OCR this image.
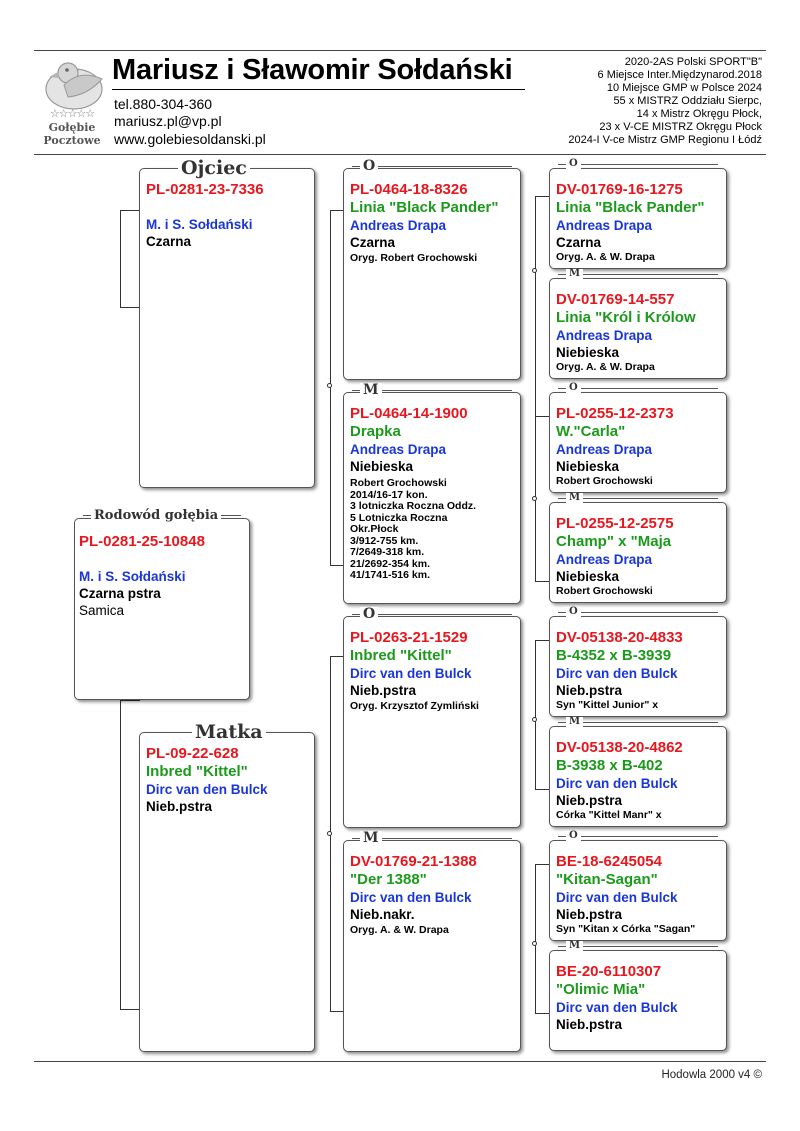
☆☆☆☆☆
Gołębie
Pocztowe
Mariusz i Sławomir Sołdański
tel.880-304-360
mariusz.pl@vp.pl
www.golebiesoldanski.pl
2020-2AS Polski SPORT"B"
6 Miejsce Inter.Międzynarod.2018
10 Miejsce GMP w Polsce 2024
55 x MISTRZ Oddziału Sierpc,
14 x Mistrz Okręgu Płock,
23 x V-CE MISTRZ Okręgu Płock
2024-I V-ce Mistrz GMP Regionu I Łódź
Rodowód gołębia
PL-0281-25-10848

M. i S. Sołdański
Czarna pstra
Samica
Ojciec
PL-0281-23-7336

M. i S. Sołdański
Czarna
Matka
PL-09-22-628
Inbred "Kittel"
Dirc van den Bulck
Nieb.pstra
O
PL-0464-18-8326
Linia "Black Pander"
Andreas Drapa
Czarna
Oryg. Robert Grochowski
M
PL-0464-14-1900
Drapka
Andreas Drapa
Niebieska
Robert Grochowski
2014/16-17 kon.
3 lotniczka Roczna Oddz.
5 Lotniczka Roczna
Okr.Płock
3/912-755 km.
7/2649-318 km.
21/2692-354 km.
41/1741-516 km.
O
PL-0263-21-1529
Inbred "Kittel"
Dirc van den Bulck
Nieb.pstra
Oryg. Krzysztof Zymliński
M
DV-01769-21-1388
"Der 1388"
Dirc van den Bulck
Nieb.nakr.
Oryg. A. & W. Drapa
O
DV-01769-16-1275
Linia "Black Pander"
Andreas Drapa
Czarna
Oryg. A. & W. Drapa
M
DV-01769-14-557
Linia "Król i Królow
Andreas Drapa
Niebieska
Oryg. A. & W. Drapa
O
PL-0255-12-2373
W."Carla"
Andreas Drapa
Niebieska
Robert Grochowski
M
PL-0255-12-2575
Champ" x "Maja
Andreas Drapa
Niebieska
Robert Grochowski
O
DV-05138-20-4833
B-4352 x B-3939
Dirc van den Bulck
Nieb.pstra
Syn "Kittel Junior" x
M
DV-05138-20-4862
B-3938 x B-402
Dirc van den Bulck
Nieb.pstra
Córka "Kittel Manr" x
O
BE-18-6245054
"Kitan-Sagan"
Dirc van den Bulck
Nieb.pstra
Syn "Kitan x Córka "Sagan"
M
BE-20-6110307
"Olimic Mia"
Dirc van den Bulck
Nieb.pstra
Hodowla 2000 v4 ©
